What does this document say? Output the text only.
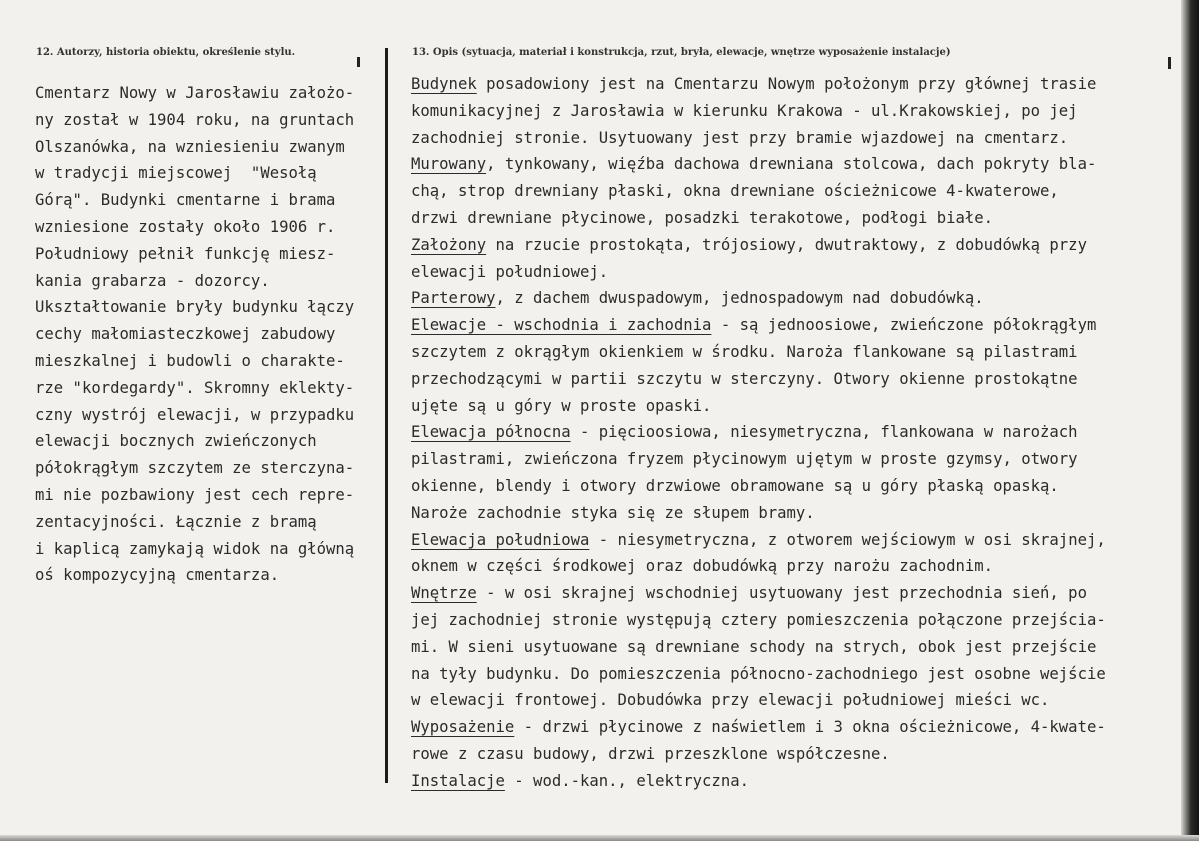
12. Autorzy, historia obiektu, określenie stylu.	13. Opis (sytuacja, materiał i konstrukcja, rzut, bryła, elewacje, wnętrze wyposażenie instalacje)
Cmentarz Nowy w Jarosławiu założo-
ny został w 1904 roku, na gruntach
Olszanówka, na wzniesieniu zwanym
w tradycji miejscowej  "Wesołą
Górą". Budynki cmentarne i brama
wzniesione zostały około 1906 r.
Południowy pełnił funkcję miesz-
kania grabarza - dozorcy.
Ukształtowanie bryły budynku łączy
cechy małomiasteczkowej zabudowy
mieszkalnej i budowli o charakte-
rze "kordegardy". Skromny eklekty-
czny wystrój elewacji, w przypadku
elewacji bocznych zwieńczonych
półokrągłym szczytem ze sterczyna-
mi nie pozbawiony jest cech repre-
zentacyjności. Łącznie z bramą
i kaplicą zamykają widok na główną
oś kompozycyjną cmentarza.
Budynek posadowiony jest na Cmentarzu Nowym położonym przy głównej trasie
komunikacyjnej z Jarosławia w kierunku Krakowa - ul.Krakowskiej, po jej
zachodniej stronie. Usytuowany jest przy bramie wjazdowej na cmentarz.
Murowany, tynkowany, więźba dachowa drewniana stolcowa, dach pokryty bla-
chą, strop drewniany płaski, okna drewniane ościeżnicowe 4-kwaterowe,
drzwi drewniane płycinowe, posadzki terakotowe, podłogi białe.
Założony na rzucie prostokąta, trójosiowy, dwutraktowy, z dobudówką przy
elewacji południowej.
Parterowy, z dachem dwuspadowym, jednospadowym nad dobudówką.
Elewacje - wschodnia i zachodnia - są jednoosiowe, zwieńczone półokrągłym
szczytem z okrągłym okienkiem w środku. Naroża flankowane są pilastrami
przechodzącymi w partii szczytu w sterczyny. Otwory okienne prostokątne
ujęte są u góry w proste opaski.
Elewacja północna - pięcioosiowa, niesymetryczna, flankowana w narożach
pilastrami, zwieńczona fryzem płycinowym ujętym w proste gzymsy, otwory
okienne, blendy i otwory drzwiowe obramowane są u góry płaską opaską.
Naroże zachodnie styka się ze słupem bramy.
Elewacja południowa - niesymetryczna, z otworem wejściowym w osi skrajnej,
oknem w części środkowej oraz dobudówką przy narożu zachodnim.
Wnętrze - w osi skrajnej wschodniej usytuowany jest przechodnia sień, po
jej zachodniej stronie występują cztery pomieszczenia połączone przejścia-
mi. W sieni usytuowane są drewniane schody na strych, obok jest przejście
na tyły budynku. Do pomieszczenia północno-zachodniego jest osobne wejście
w elewacji frontowej. Dobudówka przy elewacji południowej mieści wc.
Wyposażenie - drzwi płycinowe z naświetlem i 3 okna ościeżnicowe, 4-kwate-
rowe z czasu budowy, drzwi przeszklone współczesne.
Instalacje - wod.-kan., elektryczna.
